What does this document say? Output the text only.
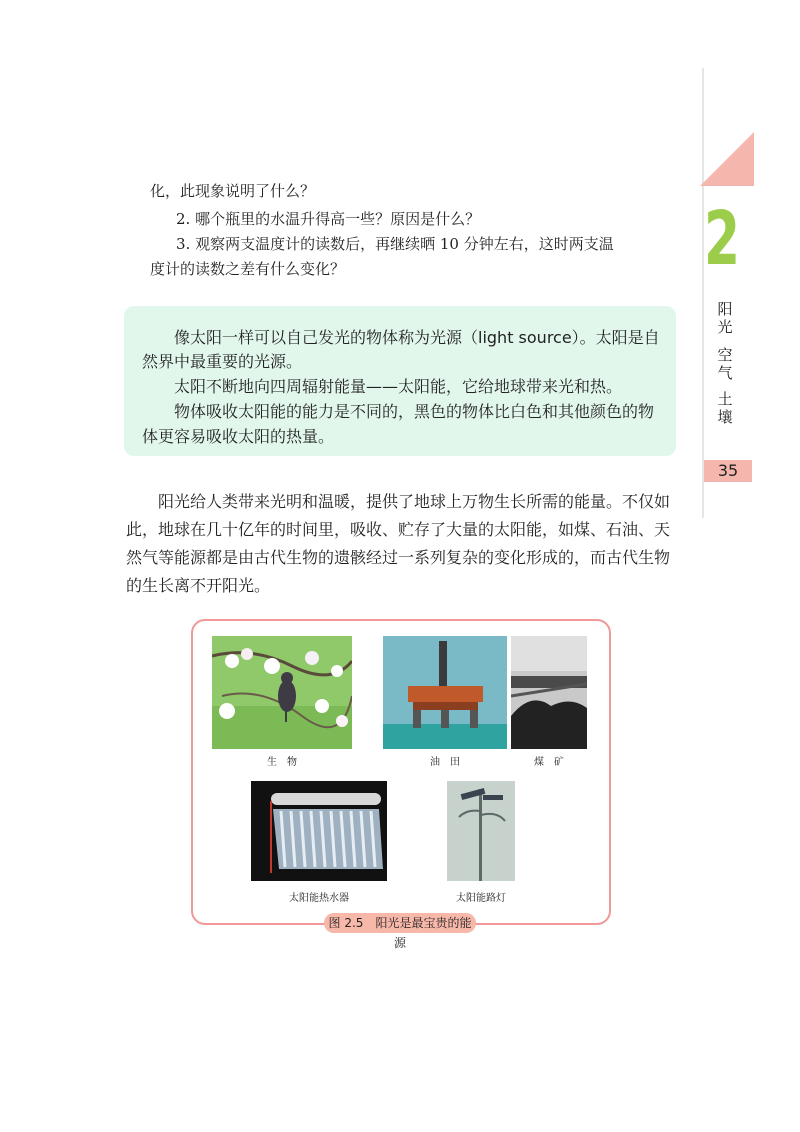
化，此现象说明了什么？
2. 哪个瓶里的水温升得高一些？原因是什么？
3. 观察两支温度计的读数后，再继续晒 10 分钟左右，这时两支温
度计的读数之差有什么变化？
像太阳一样可以自己发光的物体称为光源（light source）。太阳是自
然界中最重要的光源。
太阳不断地向四周辐射能量——太阳能，它给地球带来光和热。
物体吸收太阳能的能力是不同的，黑色的物体比白色和其他颜色的物
体更容易吸收太阳的热量。
阳光给人类带来光明和温暖，提供了地球上万物生长所需的能量。不仅如
此，地球在几十亿年的时间里，吸收、贮存了大量的太阳能，如煤、石油、天
然气等能源都是由古代生物的遗骸经过一系列复杂的变化形成的，而古代生物
的生长离不开阳光。
2
阳
光
空
气
土
壤
35
生　物	油　田	煤　矿
太阳能热水器	太阳能路灯
图 2.5　阳光是最宝贵的能源
